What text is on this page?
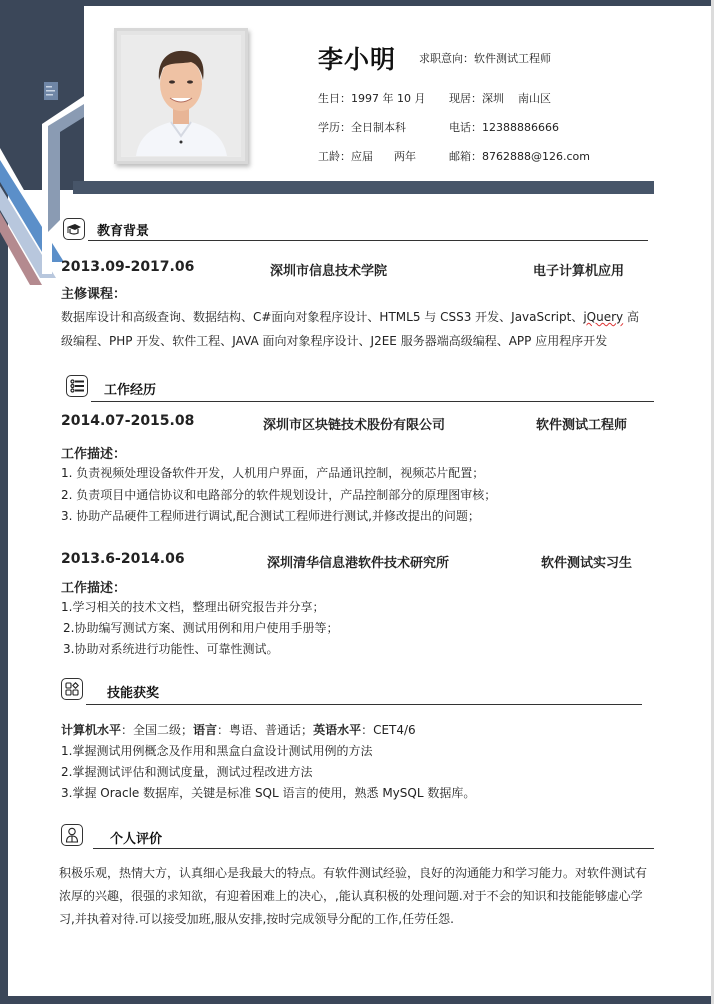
李小明 求职意向：软件测试工程师
生日：1997 年 10 月 现居：深圳    南山区
学历：全日制本科	电话：12388886666
工龄：应届      两年	邮箱：8762888@126.com
教育背景
2013.09-2017.06	深圳市信息技术学院	电子计算机应用
主修课程：
数据库设计和高级查询、数据结构、C#面向对象程序设计、HTML5 与 CSS3 开发、JavaScript、jQuery 高
级编程、PHP 开发、软件工程、JAVA 面向对象程序设计、J2EE 服务器端高级编程、APP 应用程序开发
工作经历
2014.07-2015.08	深圳市区块链技术股份有限公司	软件测试工程师
工作描述：
1. 负责视频处理设备软件开发，人机用户界面，产品通讯控制，视频芯片配置；
2. 负责项目中通信协议和电路部分的软件规划设计，产品控制部分的原理图审核；
3. 协助产品硬件工程师进行调试,配合测试工程师进行测试,并修改提出的问题；
2013.6-2014.06	深圳清华信息港软件技术研究所	软件测试实习生
工作描述：
1.学习相关的技术文档，整理出研究报告并分享；
2.协助编写测试方案、测试用例和用户使用手册等；
3.协助对系统进行功能性、可靠性测试。
技能获奖
计算机水平：全国二级；语言：粤语、普通话；英语水平：CET4/6
1.掌握测试用例概念及作用和黑盒白盒设计测试用例的方法
2.掌握测试评估和测试度量，测试过程改进方法
3.掌握 Oracle 数据库，关键是标准 SQL 语言的使用，熟悉 MySQL 数据库。
个人评价
积极乐观，热情大方，认真细心是我最大的特点。有软件测试经验，良好的沟通能力和学习能力。对软件测试有浓厚的兴趣，很强的求知欲，有迎着困难上的决心，,能认真积极的处理问题.对于不会的知识和技能能够虚心学习,并执着对待.可以接受加班,服从安排,按时完成领导分配的工作,任劳任怨.
